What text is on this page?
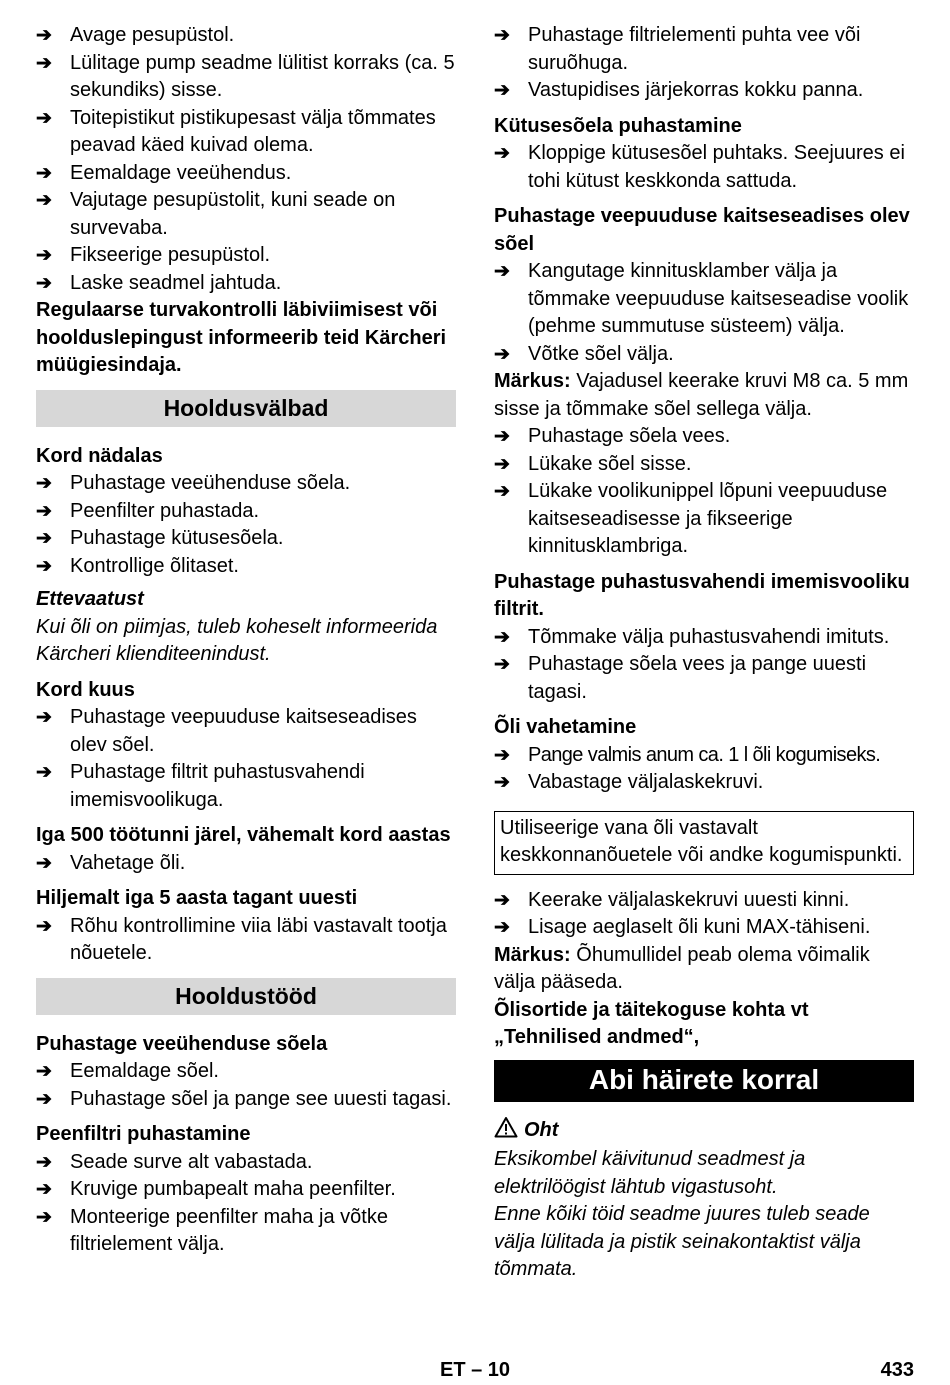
➔ Avage pesupüstol.

➔ Lülitage pump seadme lülitist korraks (ca. 5 sekundiks) sisse.

➔ Toitepistikut pistikupesast välja tõmmates peavad käed kuivad olema.

➔ Eemaldage veeühendus.

➔ Vajutage pesupüstolit, kuni seade on survevaba.

➔ Fikseerige pesupüstol.

➔ Laske seadmel jahtuda.

Regulaarse turvakontrolli läbiviimisest või hoolduslepingust informeerib teid Kärcheri müügiesindaja.

Hooldusvälbad

Kord nädalas

➔ Puhastage veeühenduse sõela.

➔ Peenfilter puhastada.

➔ Puhastage kütusesõela.

➔ Kontrollige õlitaset.

Ettevaatust

Kui õli on piimjas, tuleb koheselt informeerida Kärcheri klienditeenindust.

Kord kuus

➔ Puhastage veepuuduse kaitseseadises olev sõel.

➔ Puhastage filtrit puhastusvahendi imemisvoolikuga.

Iga 500 töötunni järel, vähemalt kord aastas

➔ Vahetage õli.

Hiljemalt iga 5 aasta tagant uuesti

➔ Rõhu kontrollimine viia läbi vastavalt tootja nõuetele.

Hooldustööd

Puhastage veeühenduse sõela

➔ Eemaldage sõel.

➔ Puhastage sõel ja pange see uuesti tagasi.

Peenfiltri puhastamine

➔ Seade surve alt vabastada.

➔ Kruvige pumbapealt maha peenfilter.

➔ Monteerige peenfilter maha ja võtke filtrielement välja.

➔ Puhastage filtrielementi puhta vee või suruõhuga.

➔ Vastupidises järjekorras kokku panna.

Kütusesõela puhastamine

➔ Kloppige kütusesõel puhtaks. Seejuures ei tohi kütust keskkonda sattuda.

Puhastage veepuuduse kaitseseadises olev sõel

➔ Kangutage kinnitusklamber välja ja tõmmake veepuuduse kaitseseadise voolik (pehme summutuse süsteem) välja.

➔ Võtke sõel välja.

Märkus: Vajadusel keerake kruvi M8 ca. 5 mm sisse ja tõmmake sõel sellega välja.

➔ Puhastage sõela vees.

➔ Lükake sõel sisse.

➔ Lükake voolikunippel lõpuni veepuuduse kaitseseadisesse ja fikseerige kinnitusklambriga.

Puhastage puhastusvahendi imemisvooliku filtrit.

➔ Tõmmake välja puhastusvahendi imituts.

➔ Puhastage sõela vees ja pange uuesti tagasi.

Õli vahetamine

➔ Pange valmis anum ca. 1 l õli kogumiseks.

➔ Vabastage väljalaskekruvi.

Utiliseerige vana õli vastavalt keskkonnanõuetele või andke kogumispunkti.

➔ Keerake väljalaskekruvi uuesti kinni.

➔ Lisage aeglaselt õli kuni MAX-tähiseni.

Märkus: Õhumullidel peab olema võimalik välja pääseda.

Õlisortide ja täitekoguse kohta vt „Tehnilised andmed“,

Abi häirete korral

Oht

Eksikombel käivitunud seadmest ja elektrilöögist lähtub vigastusoht.

Enne kõiki töid seadme juures tuleb seade välja lülitada ja pistik seinakontaktist välja tõmmata.

ET – 10	433
